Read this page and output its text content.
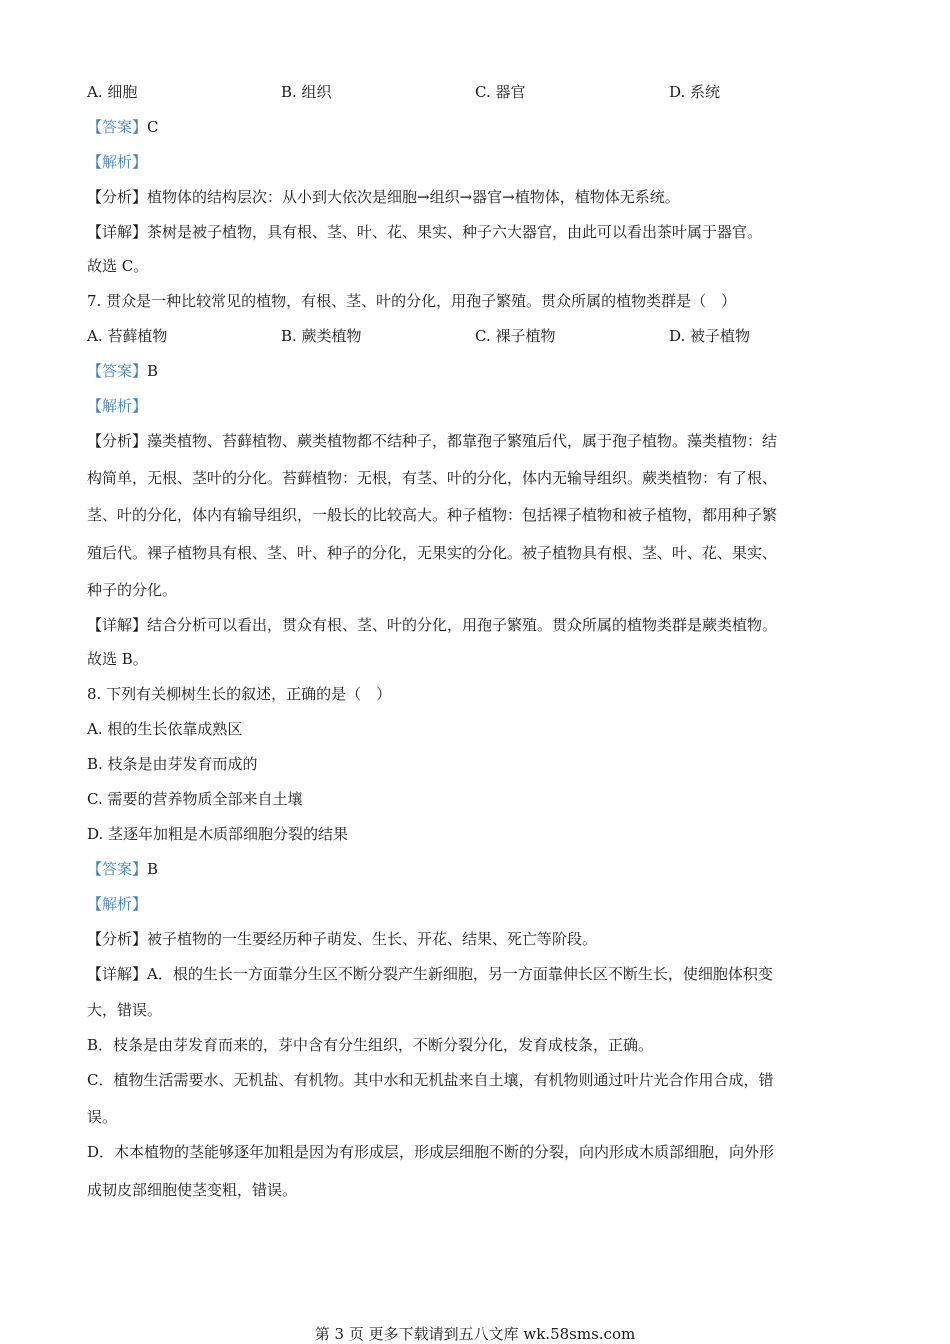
A. 细胞	B. 组织	C. 器官	D. 系统
【答案】C
【解析】
【分析】植物体的结构层次：从小到大依次是细胞→组织→器官→植物体，植物体无系统。
【详解】茶树是被子植物，具有根、茎、叶、花、果实、种子六大器官，由此可以看出茶叶属于器官。
故选 C。
7. 贯众是一种比较常见的植物，有根、茎、叶的分化，用孢子繁殖。贯众所属的植物类群是（　）
A. 苔藓植物	B. 蕨类植物	C. 裸子植物	D. 被子植物
【答案】B
【解析】
【分析】藻类植物、苔藓植物、蕨类植物都不结种子，都靠孢子繁殖后代，属于孢子植物。藻类植物：结
构简单，无根、茎叶的分化。苔藓植物：无根，有茎、叶的分化，体内无输导组织。蕨类植物：有了根、
茎、叶的分化，体内有输导组织，一般长的比较高大。种子植物：包括裸子植物和被子植物，都用种子繁
殖后代。裸子植物具有根、茎、叶、种子的分化，无果实的分化。被子植物具有根、茎、叶、花、果实、
种子的分化。
【详解】结合分析可以看出，贯众有根、茎、叶的分化，用孢子繁殖。贯众所属的植物类群是蕨类植物。
故选 B。
8. 下列有关柳树生长的叙述，正确的是（　）
A. 根的生长依靠成熟区
B. 枝条是由芽发育而成的
C. 需要的营养物质全部来自土壤
D. 茎逐年加粗是木质部细胞分裂的结果
【答案】B
【解析】
【分析】被子植物的一生要经历种子萌发、生长、开花、结果、死亡等阶段。
【详解】A．根的生长一方面靠分生区不断分裂产生新细胞，另一方面靠伸长区不断生长，使细胞体积变
大，错误。
B．枝条是由芽发育而来的，芽中含有分生组织，不断分裂分化，发育成枝条，正确。
C．植物生活需要水、无机盐、有机物。其中水和无机盐来自土壤，有机物则通过叶片光合作用合成，错
误。
D．木本植物的茎能够逐年加粗是因为有形成层，形成层细胞不断的分裂，向内形成木质部细胞，向外形
成韧皮部细胞使茎变粗，错误。
第 3 页 更多下载请到五八文库 wk.58sms.com
